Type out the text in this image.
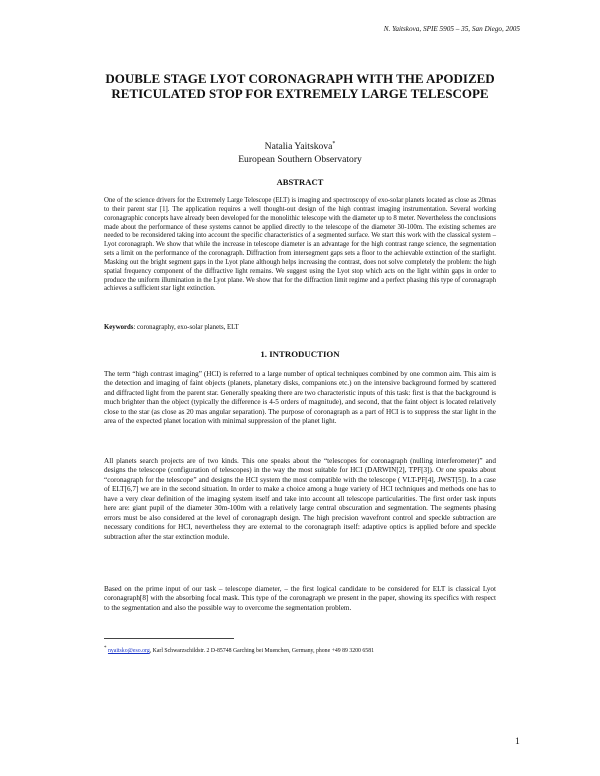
N. Yaitskova, SPIE 5905 – 35, San Diego, 2005
DOUBLE STAGE LYOT CORONAGRAPH WITH THE APODIZED RETICULATED STOP FOR EXTREMELY LARGE TELESCOPE
Natalia Yaitskova*
European Southern Observatory
ABSTRACT
One of the science drivers for the Extremely Large Telescope (ELT) is imaging and spectroscopy of exo-solar planets located as close as 20mas to their parent star [1]. The application requires a well thought-out design of the high contrast imaging instrumentation. Several working coronagraphic concepts have already been developed for the monolithic telescope with the diameter up to 8 meter. Nevertheless the conclusions made about the performance of these systems cannot be applied directly to the telescope of the diameter 30-100m. The existing schemes are needed to be reconsidered taking into account the specific characteristics of a segmented surface. We start this work with the classical system – Lyot coronagraph. We show that while the increase in telescope diameter is an advantage for the high contrast range science, the segmentation sets a limit on the performance of the coronagraph. Diffraction from intersegment gaps sets a floor to the achievable extinction of the starlight. Masking out the bright segment gaps in the Lyot plane although helps increasing the contrast, does not solve completely the problem: the high spatial frequency component of the diffractive light remains. We suggest using the Lyot stop which acts on the light within gaps in order to produce the uniform illumination in the Lyot plane. We show that for the diffraction limit regime and a perfect phasing this type of coronagraph achieves a sufficient star light extinction.
Keywords: coronagraphy, exo-solar planets, ELT
1. INTRODUCTION
The term “high contrast imaging” (HCI) is referred to a large number of optical techniques combined by one common aim. This aim is the detection and imaging of faint objects (planets, planetary disks, companions etc.) on the intensive background formed by scattered and diffracted light from the parent star. Generally speaking there are two characteristic inputs of this task: first is that the background is much brighter than the object (typically the difference is 4-5 orders of magnitude), and second, that the faint object is located relatively close to the star (as close as 20 mas angular separation). The purpose of coronagraph as a part of HCI is to suppress the star light in the area of the expected planet location with minimal suppression of the planet light.
All planets search projects are of two kinds. This one speaks about the “telescopes for coronagraph (nulling interferometer)” and designs the telescope (configuration of telescopes) in the way the most suitable for HCI (DARWIN[2], TPF[3]). Or one speaks about “coronagraph for the telescope” and designs the HCI system the most compatible with the telescope ( VLT-PF[4], JWST[5]). In a case of ELT[6,7] we are in the second situation. In order to make a choice among a huge variety of HCI techniques and methods one has to have a very clear definition of the imaging system itself and take into account all telescope particularities. The first order task inputs here are: giant pupil of the diameter 30m-100m with a relatively large central obscuration and segmentation. The segments phasing errors must be also considered at the level of coronagraph design. The high precision wavefront control and speckle subtraction are necessary conditions for HCI, nevertheless they are external to the coronagraph itself: adaptive optics is applied before and speckle subtraction after the star extinction module.
Based on the prime input of our task – telescope diameter, – the first logical candidate to be considered for ELT is classical Lyot coronagraph[8] with the absorbing focal mask. This type of the coronagraph we present in the paper, showing its specifics with respect to the segmentation and also the possible way to overcome the segmentation problem.
* nyaitsko@eso.org, Karl Schwarzschildstr. 2 D-85748 Garching bei Muenchen, Germany, phone +49 89 3200 6581
1
